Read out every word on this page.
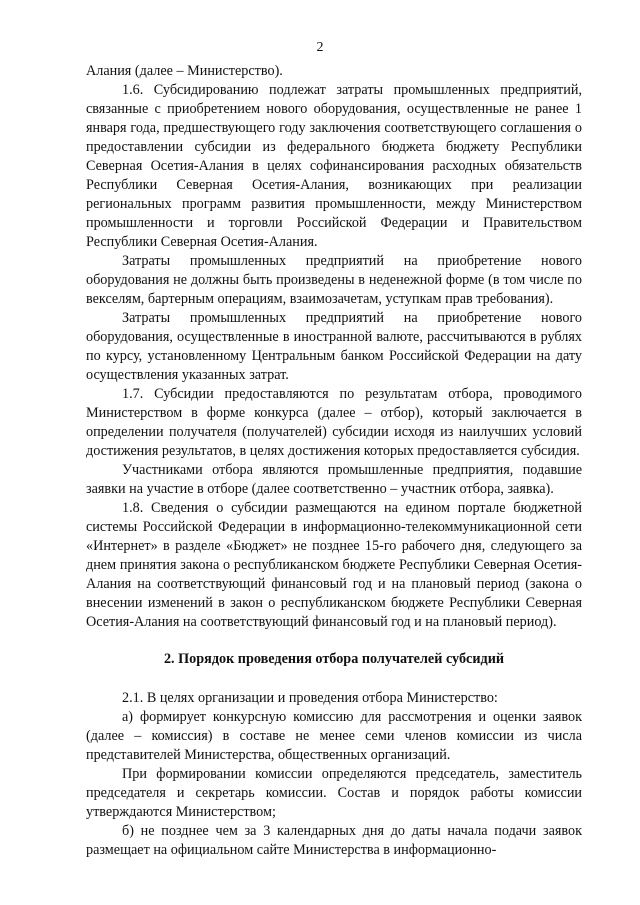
2

Алания (далее – Министерство).

1.6. Субсидированию подлежат затраты промышленных предприятий, связанные с приобретением нового оборудования, осуществленные не ранее 1 января года, предшествующего году заключения соответствующего соглашения о предоставлении субсидии из федерального бюджета бюджету Республики Северная Осетия-Алания в целях софинансирования расходных обязательств Республики Северная Осетия-Алания, возникающих при реализации региональных программ развития промышленности, между Министерством промышленности и торговли Российской Федерации и Правительством Республики Северная Осетия-Алания.

Затраты промышленных предприятий на приобретение нового оборудования не должны быть произведены в неденежной форме (в том числе по векселям, бартерным операциям, взаимозачетам, уступкам прав требования).

Затраты промышленных предприятий на приобретение нового оборудования, осуществленные в иностранной валюте, рассчитываются в рублях по курсу, установленному Центральным банком Российской Федерации на дату осуществления указанных затрат.

1.7. Субсидии предоставляются по результатам отбора, проводимого Министерством в форме конкурса (далее – отбор), который заключается в определении получателя (получателей) субсидии исходя из наилучших условий достижения результатов, в целях достижения которых предоставляется субсидия.

Участниками отбора являются промышленные предприятия, подавшие заявки на участие в отборе (далее соответственно – участник отбора, заявка).

1.8. Сведения о субсидии размещаются на едином портале бюджетной системы Российской Федерации в информационно-телекоммуникационной сети «Интернет» в разделе «Бюджет» не позднее 15-го рабочего дня, следующего за днем принятия закона о республиканском бюджете Республики Северная Осетия-Алания на соответствующий финансовый год и на плановый период (закона о внесении изменений в закон о республиканском бюджете Республики Северная Осетия-Алания на соответствующий финансовый год и на плановый период).

2. Порядок проведения отбора получателей субсидий

2.1. В целях организации и проведения отбора Министерство:

а) формирует конкурсную комиссию для рассмотрения и оценки заявок (далее – комиссия) в составе не менее семи членов комиссии из числа представителей Министерства, общественных организаций.

При формировании комиссии определяются председатель, заместитель председателя и секретарь комиссии. Состав и порядок работы комиссии утверждаются Министерством;

б) не позднее чем за 3 календарных дня до даты начала подачи заявок размещает на официальном сайте Министерства в информационно-
